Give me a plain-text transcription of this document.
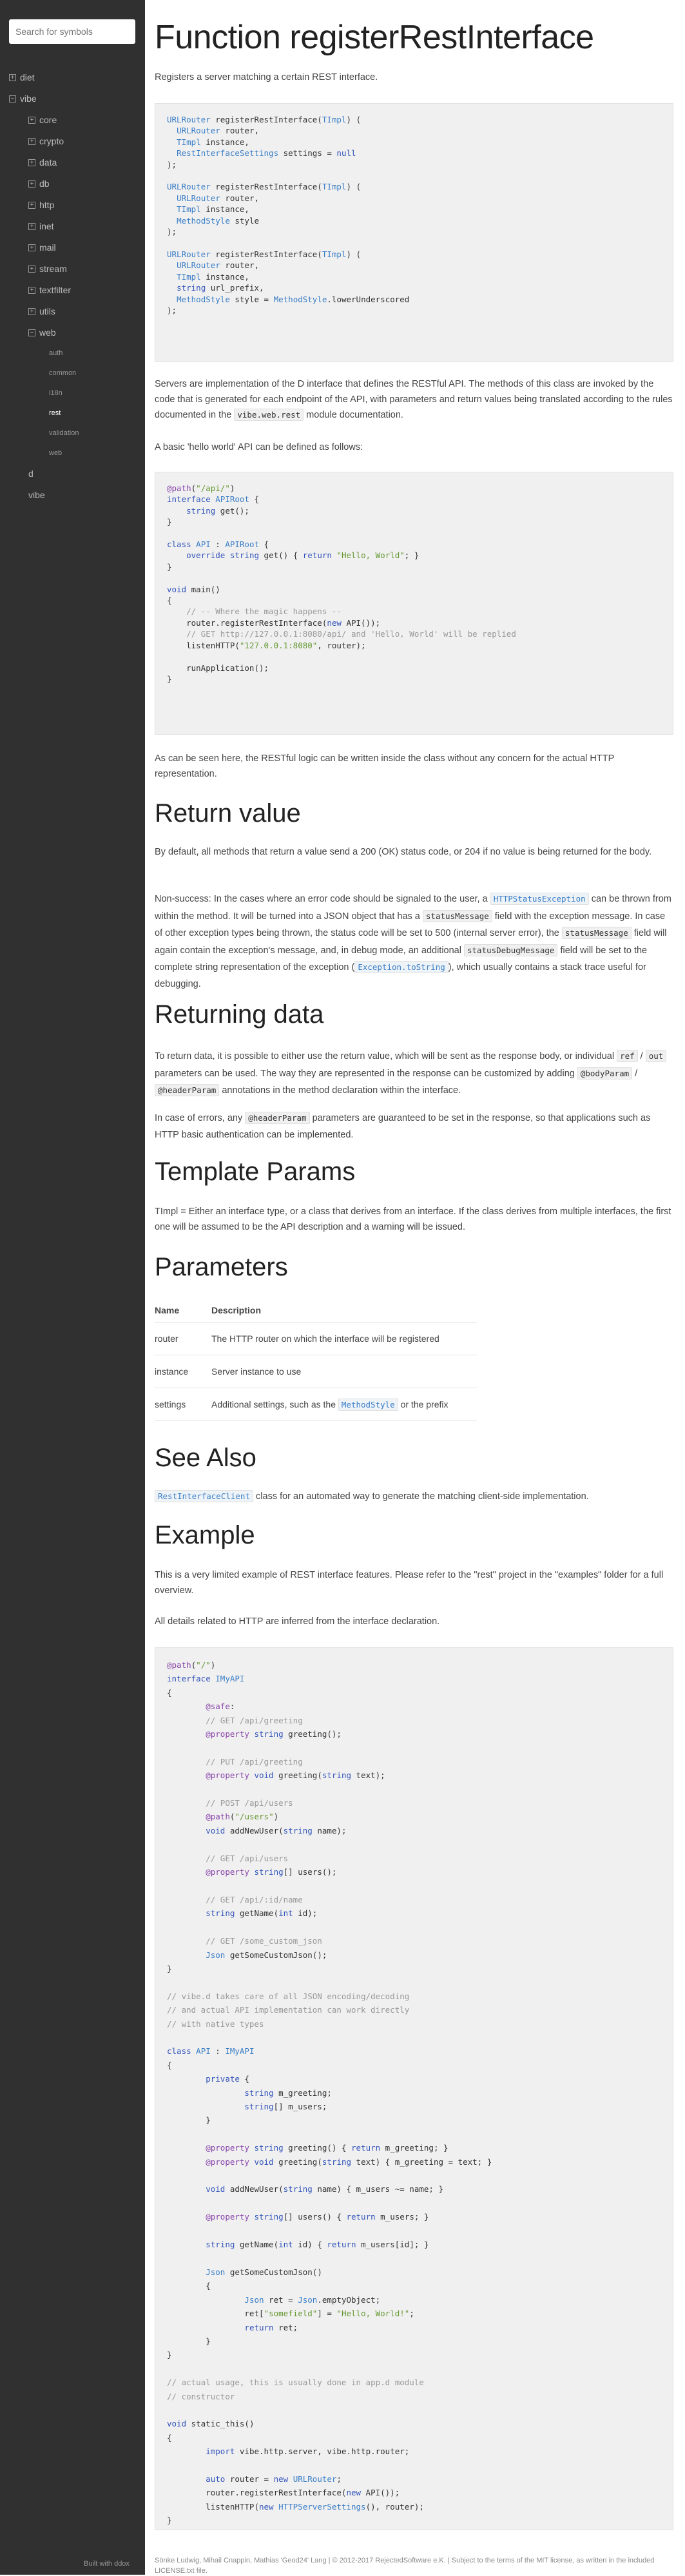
Search for symbols
+ diet
− vibe
+ core
+ crypto
+ data
+ db
+ http
+ inet
+ mail
+ stream
+ textfilter
+ utils
− web
auth
common
i18n
rest
validation
web
d
vibe
Built with ddox
Function registerRestInterface

Registers a server matching a certain REST interface.

URLRouter registerRestInterface(TImpl) (
URLRouter router,
TImpl instance,
RestInterfaceSettings settings = null
);

URLRouter registerRestInterface(TImpl) (
URLRouter router,
TImpl instance,
MethodStyle style
);

URLRouter registerRestInterface(TImpl) (
URLRouter router,
TImpl instance,
string url_prefix,
MethodStyle style = MethodStyle.lowerUnderscored
);

Servers are implementation of the D interface that defines the RESTful API. The methods of this class are invoked by the code that is generated for each endpoint of the API, with parameters and return values being translated according to the rules documented in the vibe.web.rest module documentation.

A basic 'hello world' API can be defined as follows:

@path("/api/")
interface APIRoot {
string get();
}

class API : APIRoot {
override string get() { return "Hello, World"; }
}

void main()
{
// -- Where the magic happens --
router.registerRestInterface(new API());
// GET http://127.0.0.1:8080/api/ and 'Hello, World' will be replied
listenHTTP("127.0.0.1:8080", router);

runApplication();
}

As can be seen here, the RESTful logic can be written inside the class without any concern for the actual HTTP representation.

Return value

By default, all methods that return a value send a 200 (OK) status code, or 204 if no value is being returned for the body.

Non-success: In the cases where an error code should be signaled to the user, a HTTPStatusException can be thrown from within the method. It will be turned into a JSON object that has a statusMessage field with the exception message. In case of other exception types being thrown, the status code will be set to 500 (internal server error), the statusMessage field will again contain the exception's message, and, in debug mode, an additional statusDebugMessage field will be set to the complete string representation of the exception ( Exception.toString ), which usually contains a stack trace useful for debugging.

Returning data

To return data, it is possible to either use the return value, which will be sent as the response body, or individual ref / out parameters can be used. The way they are represented in the response can be customized by adding @bodyParam / @headerParam annotations in the method declaration within the interface.

In case of errors, any @headerParam parameters are guaranteed to be set in the response, so that applications such as HTTP basic authentication can be implemented.

Template Params

TImpl = Either an interface type, or a class that derives from an interface. If the class derives from multiple interfaces, the first one will be assumed to be the API description and a warning will be issued.

Parameters
Name	Description
router	The HTTP router on which the interface will be registered
instance	Server instance to use
settings	Additional settings, such as the MethodStyle or the prefix
See Also

RestInterfaceClient class for an automated way to generate the matching client-side implementation.

Example

This is a very limited example of REST interface features. Please refer to the "rest" project in the "examples" folder for a full overview.

All details related to HTTP are inferred from the interface declaration.

@path("/")
interface IMyAPI
{
@safe:
// GET /api/greeting
@property string greeting();

// PUT /api/greeting
@property void greeting(string text);

// POST /api/users
@path("/users")
void addNewUser(string name);

// GET /api/users
@property string[] users();

// GET /api/:id/name
string getName(int id);

// GET /some_custom_json
Json getSomeCustomJson();
}

// vibe.d takes care of all JSON encoding/decoding
// and actual API implementation can work directly
// with native types

class API : IMyAPI
{
private {
string m_greeting;
string[] m_users;
}

@property string greeting() { return m_greeting; }
@property void greeting(string text) { m_greeting = text; }

void addNewUser(string name) { m_users ~= name; }

@property string[] users() { return m_users; }

string getName(int id) { return m_users[id]; }

Json getSomeCustomJson()
{
Json ret = Json.emptyObject;
ret["somefield"] = "Hello, World!";
return ret;
}
}

// actual usage, this is usually done in app.d module
// constructor

void static_this()
{
import vibe.http.server, vibe.http.router;

auto router = new URLRouter;
router.registerRestInterface(new API());
listenHTTP(new HTTPServerSettings(), router);
}
Sönke Ludwig, Mihail Cnappin, Mathias 'Geod24' Lang | © 2012-2017 RejectedSoftware e.K. | Subject to the terms of the MIT license, as written in the included LICENSE.txt file.
